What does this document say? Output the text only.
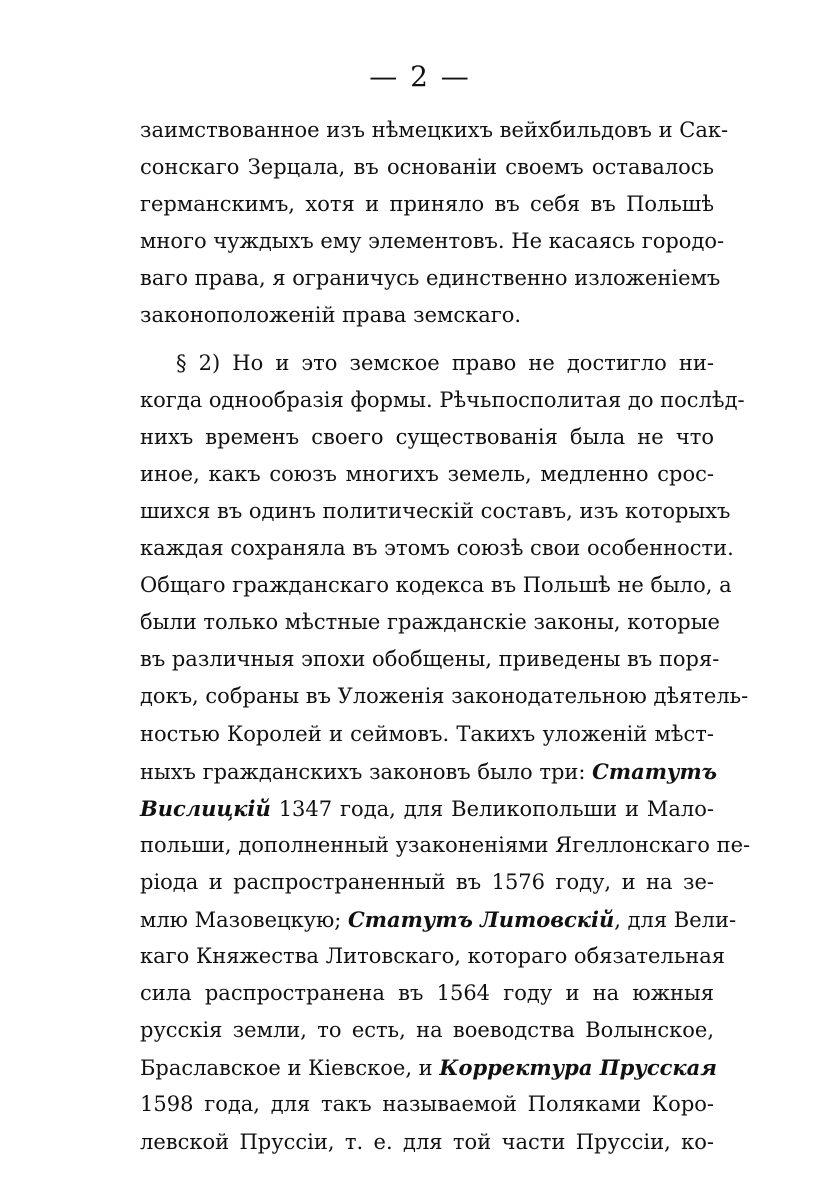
— 2 —
заимствованное изъ нѣмецкихъ вейхбильдовъ и Сак-
сонскаго Зерцала, въ основаніи своемъ оставалось
германскимъ, хотя и приняло въ себя въ Польшѣ
много чуждыхъ ему элементовъ. Не касаясь городо-
ваго права, я ограничусь единственно изложеніемъ
законоположеній права земскаго.
§ 2) Но и это земское право не достигло ни-
когда однообразія формы. Рѣчьпосполитая до послѣд-
нихъ временъ своего существованія была не что
иное, какъ союзъ многихъ земель, медленно срос-
шихся въ одинъ политическій составъ, изъ которыхъ
каждая сохраняла въ этомъ союзѣ свои особенности.
Общаго гражданскаго кодекса въ Польшѣ не было, а
были только мѣстные гражданскіе законы, которые
въ различныя эпохи обобщены, приведены въ поря-
докъ, собраны въ Уложенія законодательною дѣятель-
ностью Королей и сеймовъ. Такихъ уложеній мѣст-
ныхъ гражданскихъ законовъ было три: Статутъ
Вислицкій 1347 года, для Великопольши и Мало-
польши, дополненный узаконеніями Ягеллонскаго пе-
ріода и распространенный въ 1576 году, и на зе-
млю Мазовецкую; Статутъ Литовскій, для Вели-
каго Княжества Литовскаго, котораго обязательная
сила распространена въ 1564 году и на южныя
русскія земли, то есть, на воеводства Волынское,
Браславское и Кіевское, и Корректура Прусская
1598 года, для такъ называемой Поляками Коро-
левской Пруссіи, т. е. для той части Пруссіи, ко-
